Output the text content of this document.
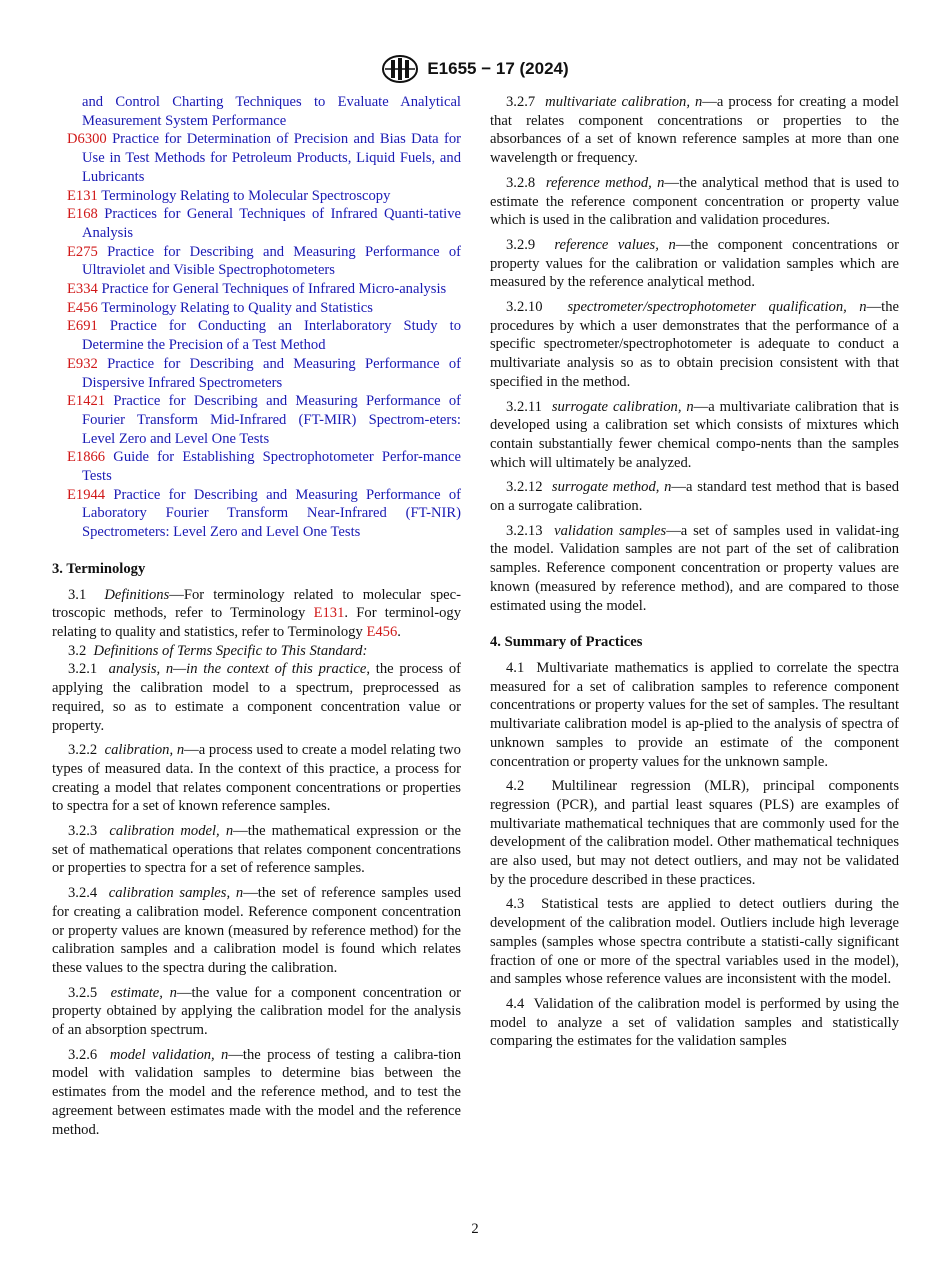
E1655 − 17 (2024)
and Control Charting Techniques to Evaluate Analytical Measurement System Performance
D6300 Practice for Determination of Precision and Bias Data for Use in Test Methods for Petroleum Products, Liquid Fuels, and Lubricants
E131 Terminology Relating to Molecular Spectroscopy
E168 Practices for General Techniques of Infrared Quanti-tative Analysis
E275 Practice for Describing and Measuring Performance of Ultraviolet and Visible Spectrophotometers
E334 Practice for General Techniques of Infrared Micro-analysis
E456 Terminology Relating to Quality and Statistics
E691 Practice for Conducting an Interlaboratory Study to Determine the Precision of a Test Method
E932 Practice for Describing and Measuring Performance of Dispersive Infrared Spectrometers
E1421 Practice for Describing and Measuring Performance of Fourier Transform Mid-Infrared (FT-MIR) Spectrom-eters: Level Zero and Level One Tests
E1866 Guide for Establishing Spectrophotometer Perfor-mance Tests
E1944 Practice for Describing and Measuring Performance of Laboratory Fourier Transform Near-Infrared (FT-NIR) Spectrometers: Level Zero and Level One Tests
3. Terminology

3.1 Definitions—For terminology related to molecular spec-troscopic methods, refer to Terminology E131. For terminol-ogy relating to quality and statistics, refer to Terminology E456.

3.2 Definitions of Terms Specific to This Standard:

3.2.1 analysis, n—in the context of this practice, the process of applying the calibration model to a spectrum, preprocessed as required, so as to estimate a component concentration value or property.

3.2.2 calibration, n—a process used to create a model relating two types of measured data. In the context of this practice, a process for creating a model that relates component concentrations or properties to spectra for a set of known reference samples.

3.2.3 calibration model, n—the mathematical expression or the set of mathematical operations that relates component concentrations or properties to spectra for a set of reference samples.

3.2.4 calibration samples, n—the set of reference samples used for creating a calibration model. Reference component concentration or property values are known (measured by reference method) for the calibration samples and a calibration model is found which relates these values to the spectra during the calibration.

3.2.5 estimate, n—the value for a component concentration or property obtained by applying the calibration model for the analysis of an absorption spectrum.

3.2.6 model validation, n—the process of testing a calibra-tion model with validation samples to determine bias between the estimates from the model and the reference method, and to test the agreement between estimates made with the model and the reference method.

3.2.7 multivariate calibration, n—a process for creating a model that relates component concentrations or properties to the absorbances of a set of known reference samples at more than one wavelength or frequency.

3.2.8 reference method, n—the analytical method that is used to estimate the reference component concentration or property value which is used in the calibration and validation procedures.

3.2.9 reference values, n—the component concentrations or property values for the calibration or validation samples which are measured by the reference analytical method.

3.2.10 spectrometer/spectrophotometer qualification, n—the procedures by which a user demonstrates that the performance of a specific spectrometer/spectrophotometer is adequate to conduct a multivariate analysis so as to obtain precision consistent with that specified in the method.

3.2.11 surrogate calibration, n—a multivariate calibration that is developed using a calibration set which consists of mixtures which contain substantially fewer chemical compo-nents than the samples which will ultimately be analyzed.

3.2.12 surrogate method, n—a standard test method that is based on a surrogate calibration.

3.2.13 validation samples—a set of samples used in validat-ing the model. Validation samples are not part of the set of calibration samples. Reference component concentration or property values are known (measured by reference method), and are compared to those estimated using the model.

4. Summary of Practices

4.1 Multivariate mathematics is applied to correlate the spectra measured for a set of calibration samples to reference component concentrations or property values for the set of samples. The resultant multivariate calibration model is ap-plied to the analysis of spectra of unknown samples to provide an estimate of the component concentration or property values for the unknown sample.

4.2 Multilinear regression (MLR), principal components regression (PCR), and partial least squares (PLS) are examples of multivariate mathematical techniques that are commonly used for the development of the calibration model. Other mathematical techniques are also used, but may not detect outliers, and may not be validated by the procedure described in these practices.

4.3 Statistical tests are applied to detect outliers during the development of the calibration model. Outliers include high leverage samples (samples whose spectra contribute a statisti-cally significant fraction of one or more of the spectral variables used in the model), and samples whose reference values are inconsistent with the model.

4.4 Validation of the calibration model is performed by using the model to analyze a set of validation samples and statistically comparing the estimates for the validation samples

2
